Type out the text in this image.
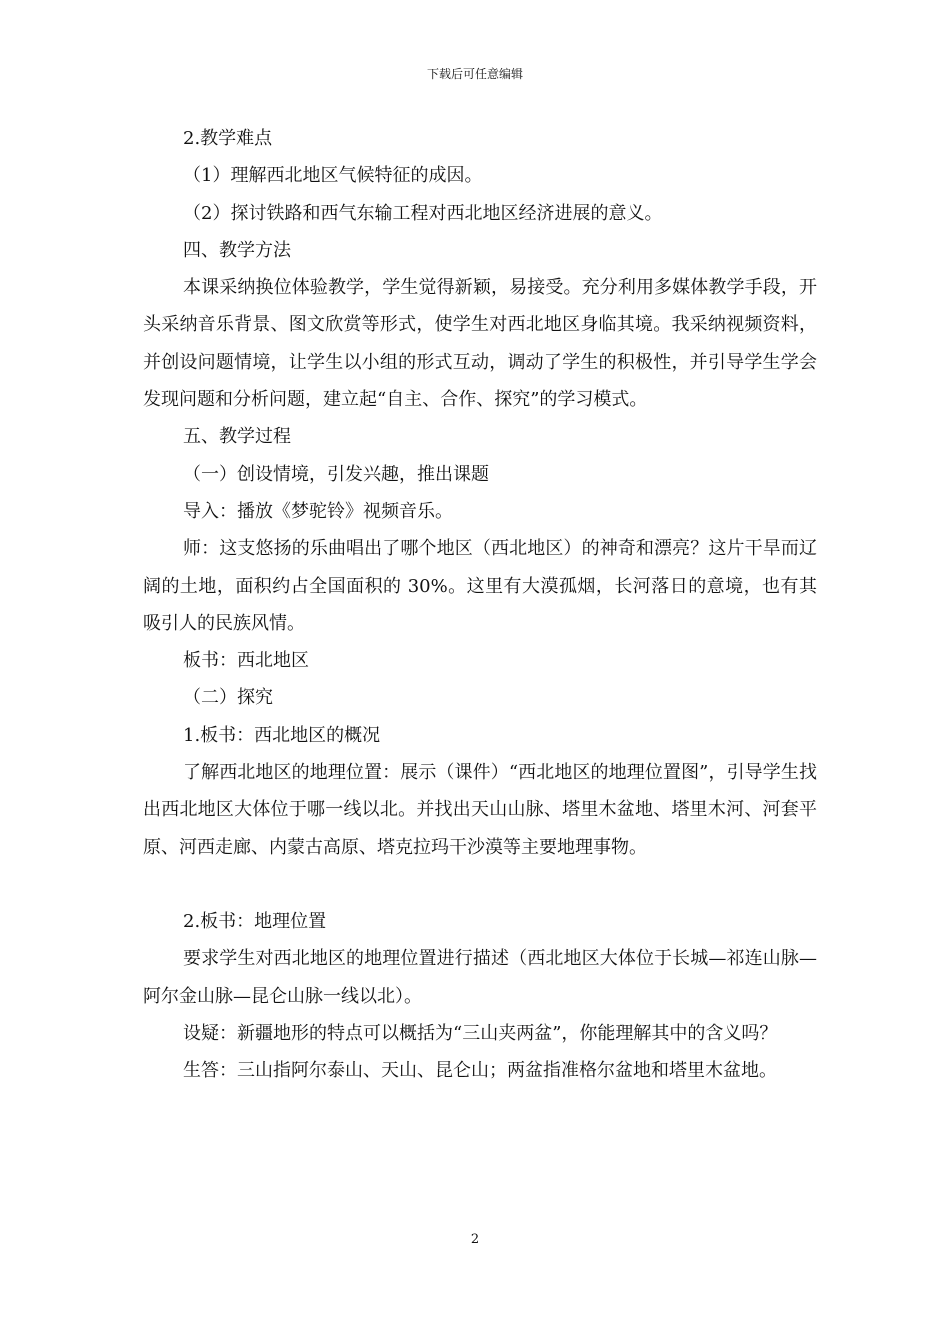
下载后可任意编辑

2.教学难点

（1）理解西北地区气候特征的成因。

（2）探讨铁路和西气东输工程对西北地区经济进展的意义。

四、教学方法

本课采纳换位体验教学，学生觉得新颖，易接受。充分利用多媒体教学手段，开头采纳音乐背景、图文欣赏等形式，使学生对西北地区身临其境。我采纳视频资料，并创设问题情境，让学生以小组的形式互动，调动了学生的积极性，并引导学生学会发现问题和分析问题，建立起“自主、合作、探究”的学习模式。

五、教学过程

（一）创设情境，引发兴趣，推出课题

导入：播放《梦驼铃》视频音乐。

师：这支悠扬的乐曲唱出了哪个地区（西北地区）的神奇和漂亮？这片干旱而辽阔的土地，面积约占全国面积的 30%。这里有大漠孤烟，长河落日的意境，也有其吸引人的民族风情。

板书：西北地区

（二）探究

1.板书：西北地区的概况

了解西北地区的地理位置：展示（课件）“西北地区的地理位置图”，引导学生找出西北地区大体位于哪一线以北。并找出天山山脉、塔里木盆地、塔里木河、河套平原、河西走廊、内蒙古高原、塔克拉玛干沙漠等主要地理事物。

2.板书：地理位置

要求学生对西北地区的地理位置进行描述（西北地区大体位于长城—祁连山脉—阿尔金山脉—昆仑山脉一线以北）。

设疑：新疆地形的特点可以概括为“三山夹两盆”，你能理解其中的含义吗？

生答：三山指阿尔泰山、天山、昆仑山；两盆指准格尔盆地和塔里木盆地。

2
